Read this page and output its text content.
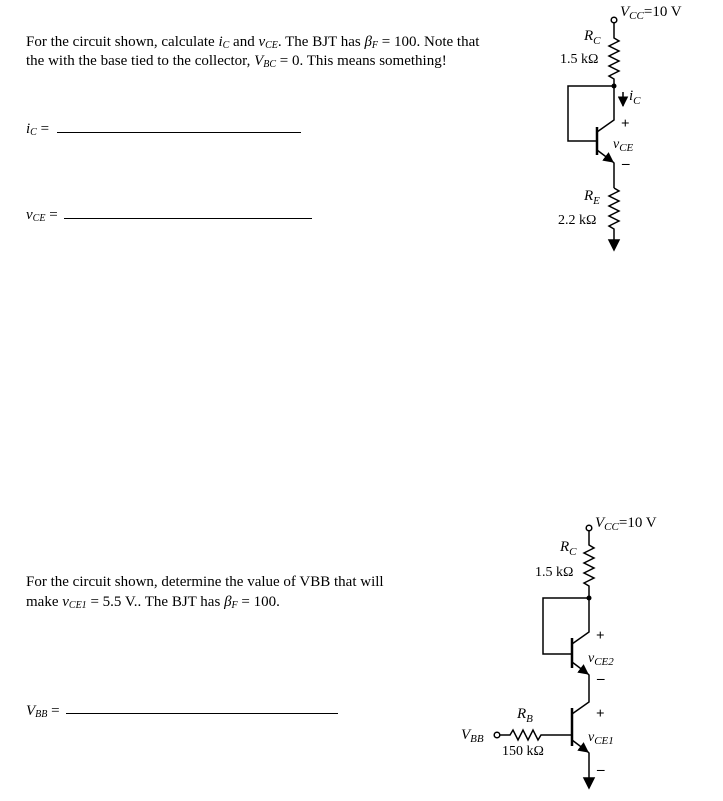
For the circuit shown, calculate $i_C$ and $v_{CE}$. The BJT has $\beta_F = 100$. Note that
the with the base tied to the collector, $V_{BC} = 0$. This means something!
$i_C$ =
$v_{CE}$ =
For the circuit shown, determine the value of VBB that will
make $v_{CE1} = 5.5$ V.. The BJT has $\beta_F = 100$.
$V_{BB}$ =
$V_{CC}=10$ V
$R_C$
1.5 kΩ
$i_C$
+
$v_{CE}$
–
$R_E$
2.2 kΩ
$V_{CC}=10$ V
$R_C$
1.5 kΩ
+
$v_{CE2}$
–
+
$v_{CE1}$
–
$R_B$
150 kΩ
$V_{BB}$
